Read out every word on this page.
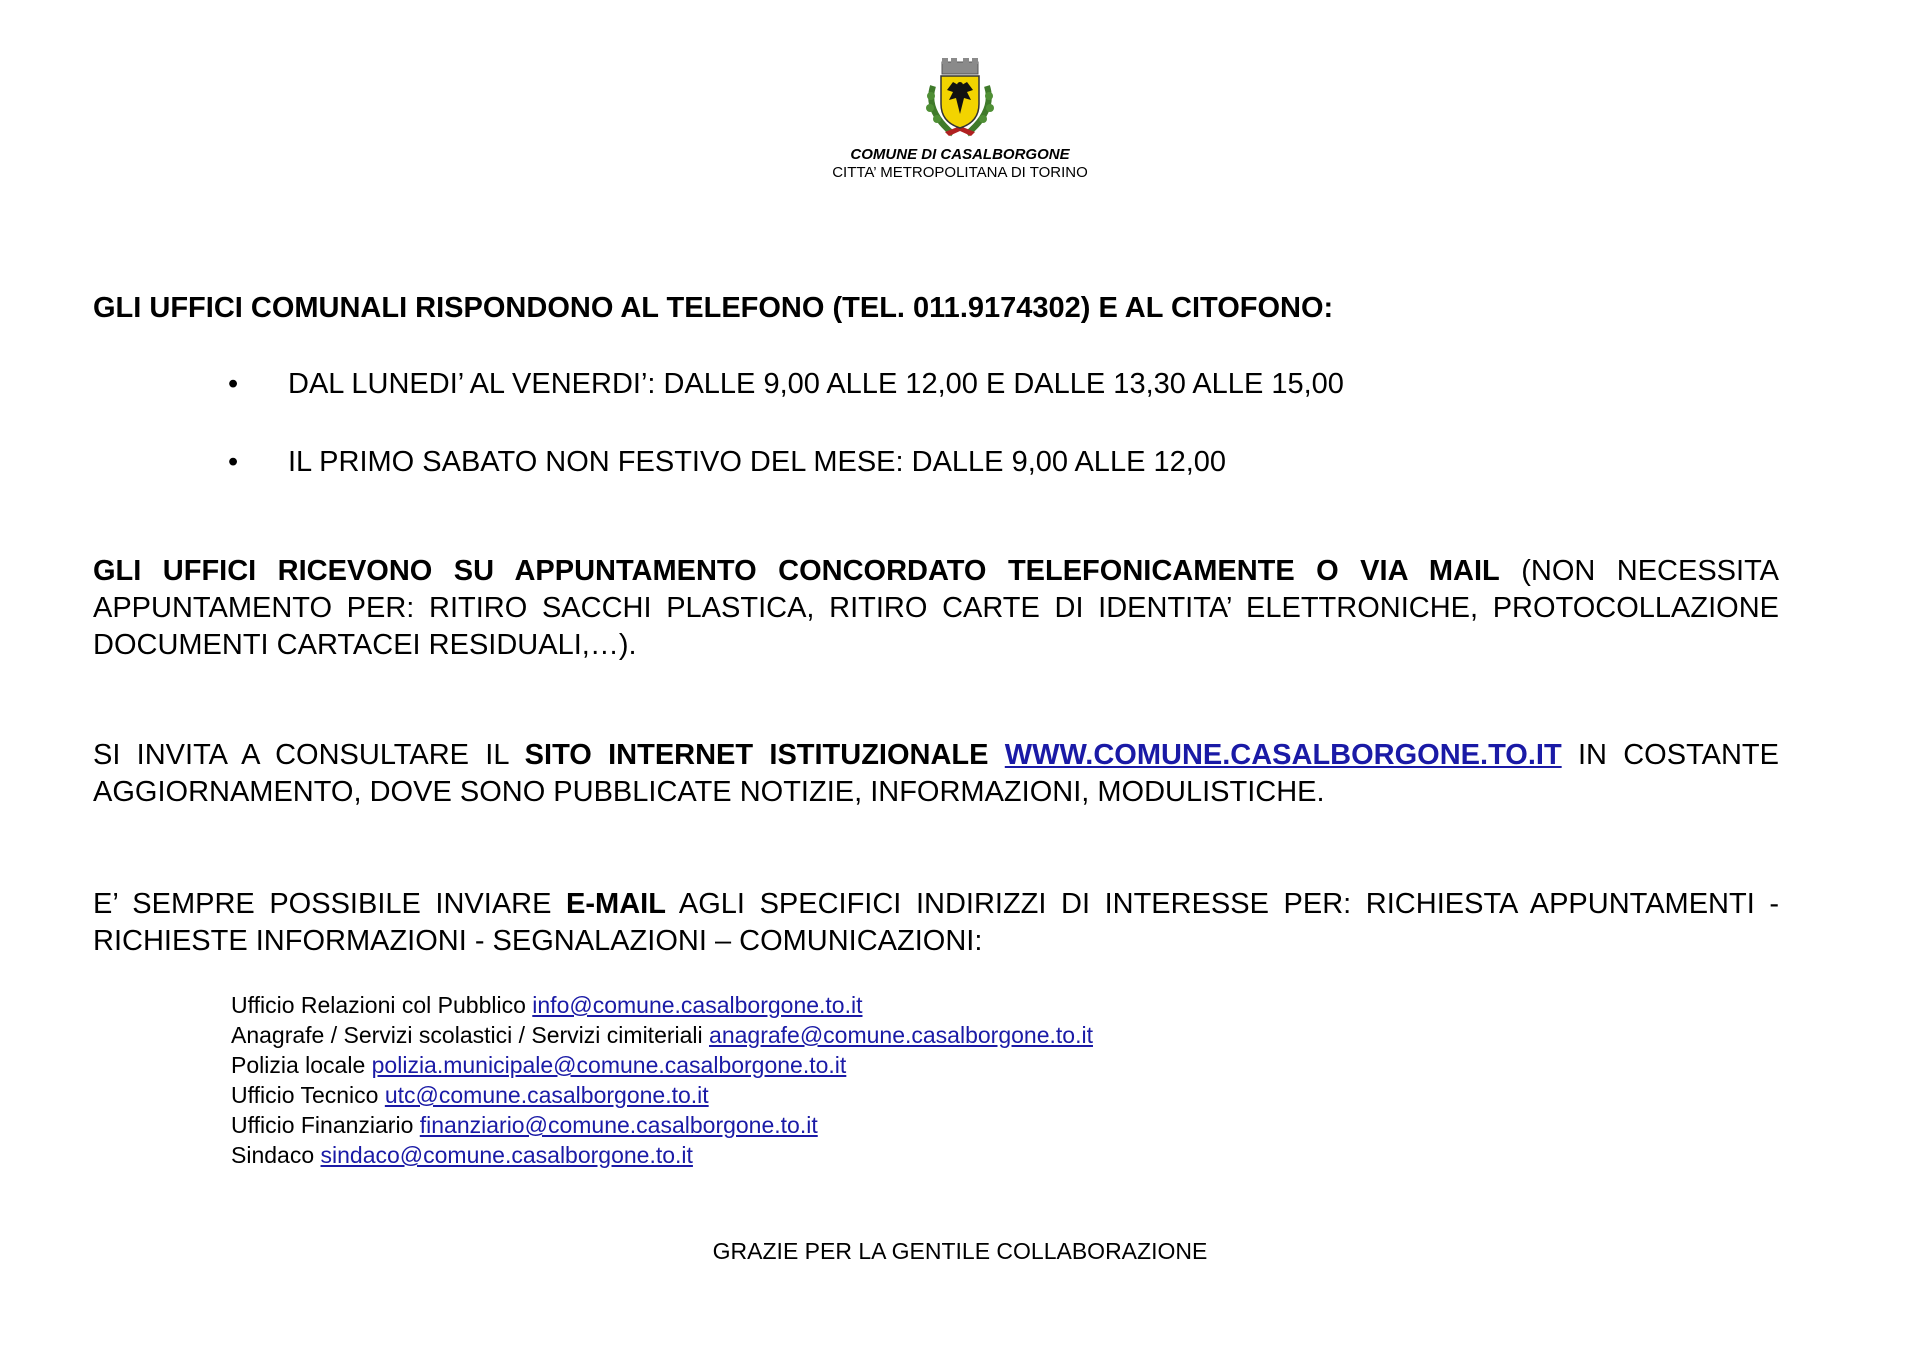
COMUNE DI CASALBORGONE
CITTA’ METROPOLITANA DI TORINO
GLI UFFICI COMUNALI RISPONDONO AL TELEFONO (TEL. 011.9174302) E AL CITOFONO:
•	DAL LUNEDI’ AL VENERDI’: DALLE 9,00 ALLE 12,00 E DALLE 13,30 ALLE 15,00
•	IL PRIMO SABATO NON FESTIVO DEL MESE: DALLE 9,00 ALLE 12,00
GLI UFFICI RICEVONO SU APPUNTAMENTO CONCORDATO TELEFONICAMENTE O VIA MAIL (NON NECESSITA APPUNTAMENTO PER: RITIRO SACCHI PLASTICA, RITIRO CARTE DI IDENTITA’ ELETTRONICHE, PROTOCOLLAZIONE DOCUMENTI CARTACEI RESIDUALI,…).
SI INVITA A CONSULTARE IL SITO INTERNET ISTITUZIONALE WWW.COMUNE.CASALBORGONE.TO.IT IN COSTANTE AGGIORNAMENTO, DOVE SONO PUBBLICATE NOTIZIE, INFORMAZIONI, MODULISTICHE.
E’ SEMPRE POSSIBILE INVIARE E-MAIL AGLI SPECIFICI INDIRIZZI DI INTERESSE PER: RICHIESTA APPUNTAMENTI - RICHIESTE INFORMAZIONI - SEGNALAZIONI – COMUNICAZIONI:
Ufficio Relazioni col Pubblico info@comune.casalborgone.to.it
Anagrafe / Servizi scolastici / Servizi cimiteriali anagrafe@comune.casalborgone.to.it
Polizia locale polizia.municipale@comune.casalborgone.to.it
Ufficio Tecnico utc@comune.casalborgone.to.it
Ufficio Finanziario finanziario@comune.casalborgone.to.it
Sindaco sindaco@comune.casalborgone.to.it
GRAZIE PER LA GENTILE COLLABORAZIONE
